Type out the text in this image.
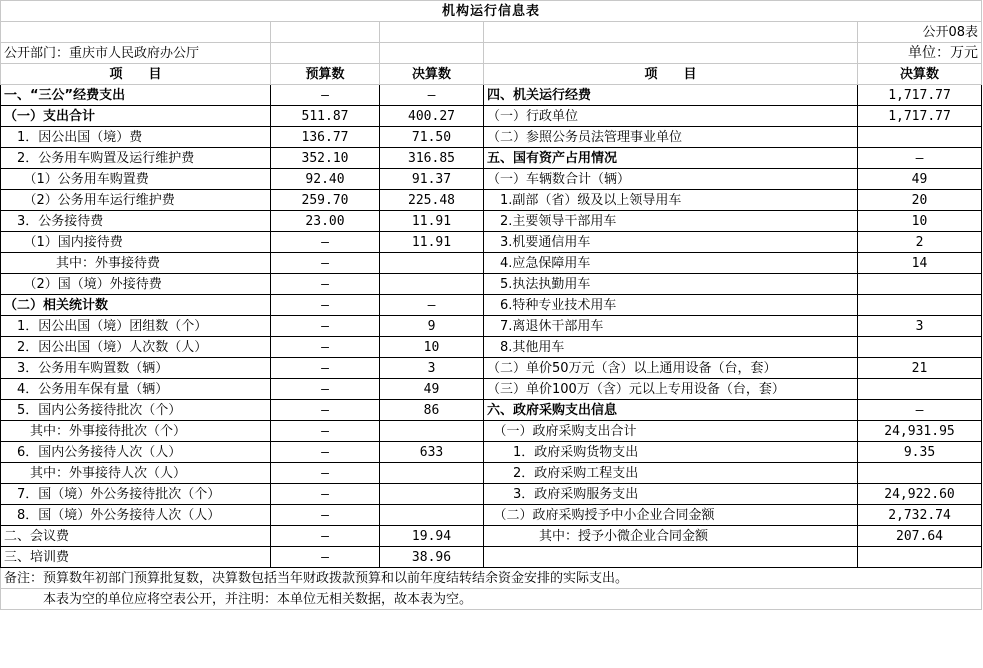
机构运行信息表				
				公开08表
公开部门：重庆市人民政府办公厅				单位：万元
项　　目	预算数	决算数	项　　目	决算数
一、“三公”经费支出	—	—	四、机关运行经费	1,717.77
（一）支出合计	511.87	400.27	（一）行政单位	1,717.77
　1．因公出国（境）费	136.77	71.50	（二）参照公务员法管理事业单位	
　2．公务用车购置及运行维护费	352.10	316.85	五、国有资产占用情况	—
　　（1）公务用车购置费	92.40	91.37	（一）车辆数合计（辆）	49
　　（2）公务用车运行维护费	259.70	225.48	　1.副部（省）级及以上领导用车	20
　3．公务接待费	23.00	11.91	　2.主要领导干部用车	10
　　（1）国内接待费	—	11.91	　3.机要通信用车	2
　　　　其中：外事接待费	—		　4.应急保障用车	14
　　（2）国（境）外接待费	—		　5.执法执勤用车	
（二）相关统计数	—	—	　6.特种专业技术用车	
　1．因公出国（境）团组数（个）	—	9	　7.离退休干部用车	3
　2．因公出国（境）人次数（人）	—	10	　8.其他用车	
　3．公务用车购置数（辆）	—	3	（二）单价50万元（含）以上通用设备（台，套）	21
　4．公务用车保有量（辆）	—	49	（三）单价100万（含）元以上专用设备（台，套）	
　5．国内公务接待批次（个）	—	86	六、政府采购支出信息	—
　　其中：外事接待批次（个）	—		　（一）政府采购支出合计	24,931.95
　6．国内公务接待人次（人）	—	633	　　1．政府采购货物支出	9.35
　　其中：外事接待人次（人）	—		　　2．政府采购工程支出	
　7．国（境）外公务接待批次（个）	—		　　3．政府采购服务支出	24,922.60
　8．国（境）外公务接待人次（人）	—		　（二）政府采购授予中小企业合同金额	2,732.74
二、会议费	—	19.94	　　　　其中：授予小微企业合同金额	207.64
三、培训费	—	38.96		
备注：预算数年初部门预算批复数，决算数包括当年财政拨款预算和以前年度结转结余资金安排的实际支出。				
　　　本表为空的单位应将空表公开，并注明：本单位无相关数据，故本表为空。				
